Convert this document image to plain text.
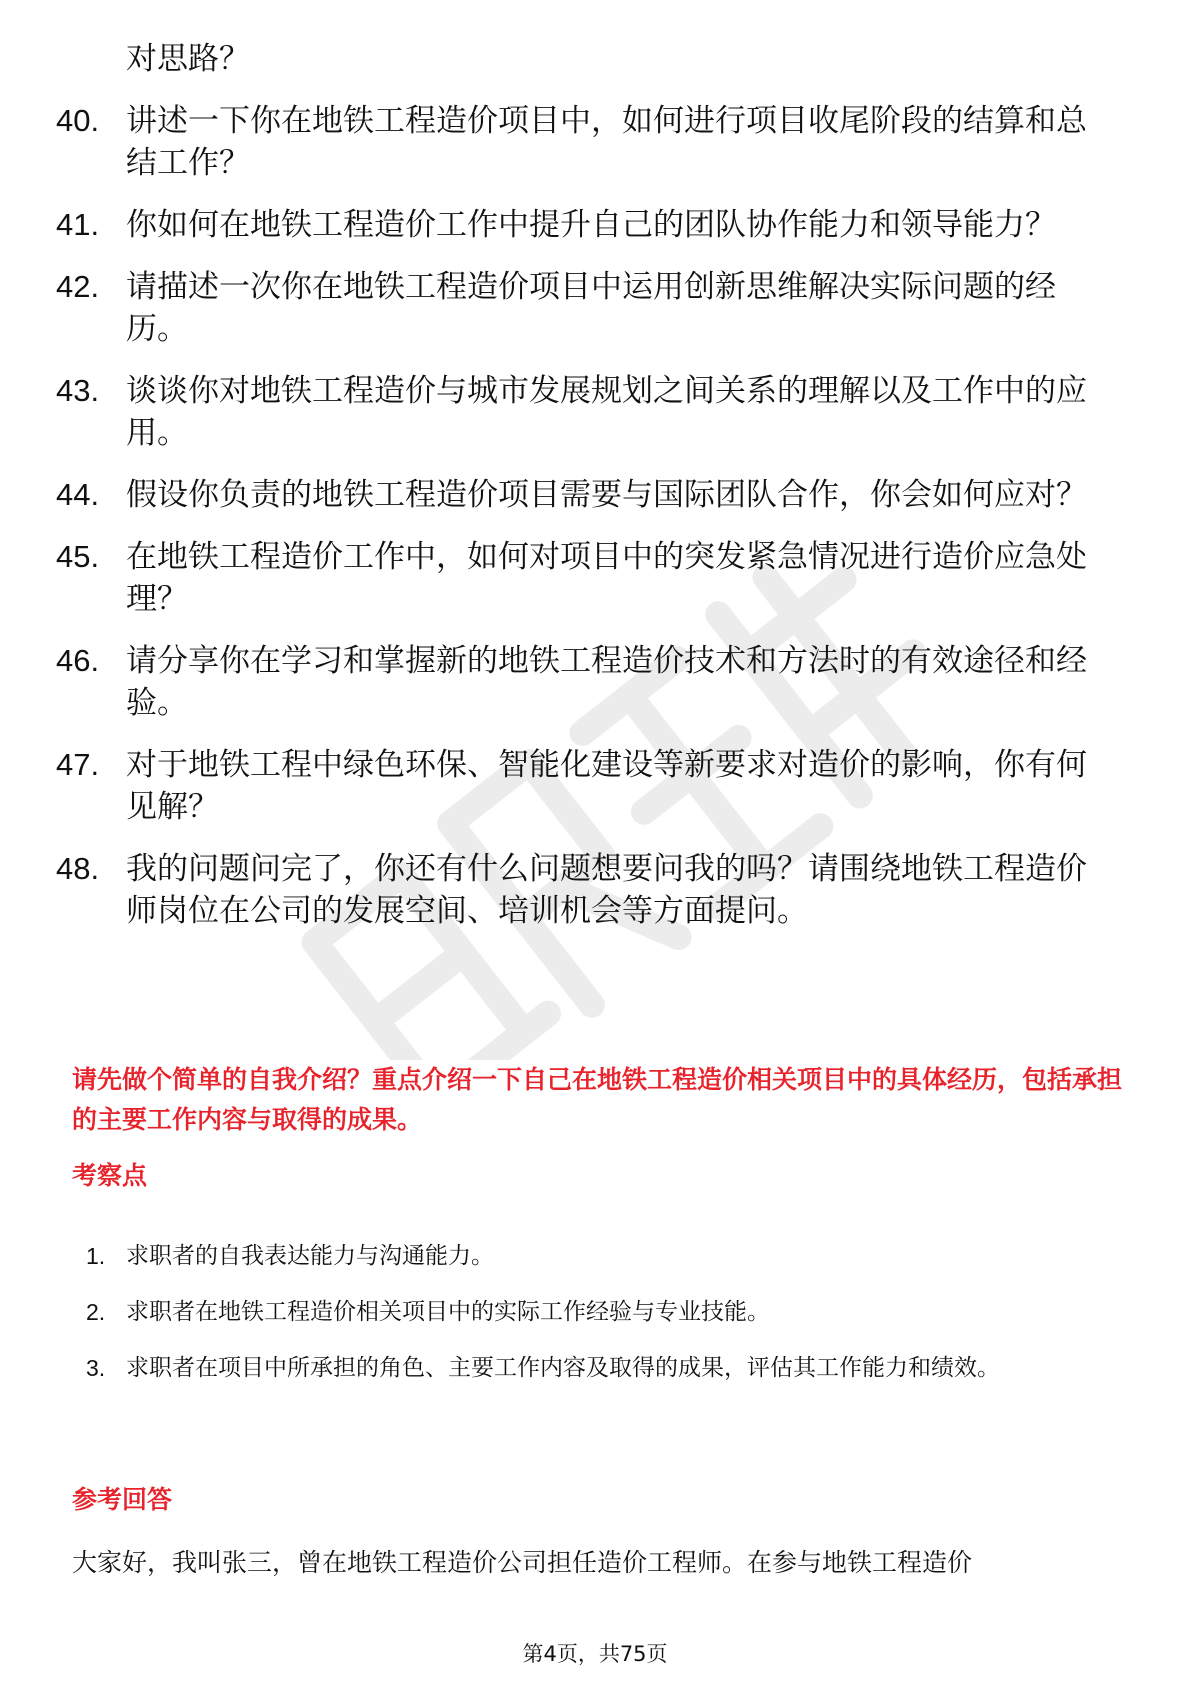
对思路？
40. 讲述一下你在地铁工程造价项目中，如何进行项目收尾阶段的结算和总结工作？
41. 你如何在地铁工程造价工作中提升自己的团队协作能力和领导能力？
42. 请描述一次你在地铁工程造价项目中运用创新思维解决实际问题的经历。
43. 谈谈你对地铁工程造价与城市发展规划之间关系的理解以及工作中的应用。
44. 假设你负责的地铁工程造价项目需要与国际团队合作，你会如何应对？
45. 在地铁工程造价工作中，如何对项目中的突发紧急情况进行造价应急处理？
46. 请分享你在学习和掌握新的地铁工程造价技术和方法时的有效途径和经验。
47. 对于地铁工程中绿色环保、智能化建设等新要求对造价的影响，你有何见解？
48. 我的问题问完了，你还有什么问题想要问我的吗？请围绕地铁工程造价师岗位在公司的发展空间、培训机会等方面提问。
请先做个简单的自我介绍？重点介绍一下自己在地铁工程造价相关项目中的具体经历，包括承担的主要工作内容与取得的成果。
考察点
1. 求职者的自我表达能力与沟通能力。
2. 求职者在地铁工程造价相关项目中的实际工作经验与专业技能。
3. 求职者在项目中所承担的角色、主要工作内容及取得的成果，评估其工作能力和绩效。
参考回答
大家好，我叫张三，曾在地铁工程造价公司担任造价工程师。在参与地铁工程造价
第4页，共75页
